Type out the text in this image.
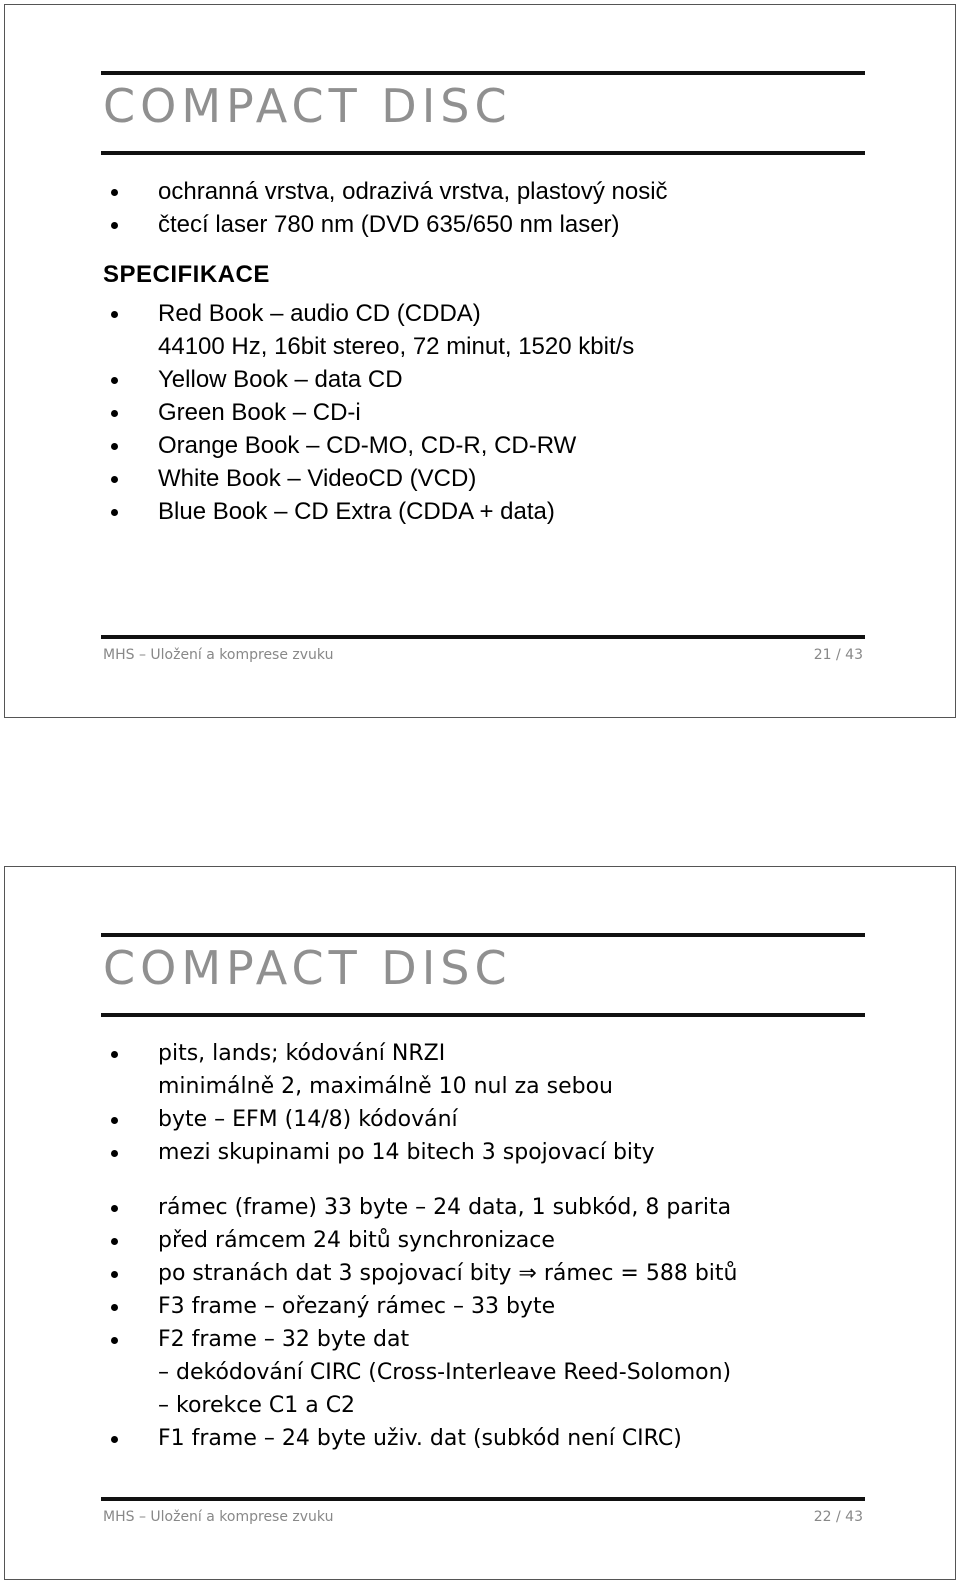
COMPACT DISC
ochranná vrstva, odrazivá vrstva, plastový nosič
čtecí laser 780 nm (DVD 635/650 nm laser)
SPECIFIKACE
Red Book – audio CD (CDDA)
44100 Hz, 16bit stereo, 72 minut, 1520 kbit/s
Yellow Book – data CD
Green Book – CD-i
Orange Book – CD-MO, CD-R, CD-RW
White Book – VideoCD (VCD)
Blue Book – CD Extra (CDDA + data)
MHS – Uložení a komprese zvuku	21 / 43
COMPACT DISC
pits, lands; kódování NRZI
minimálně 2, maximálně 10 nul za sebou
byte – EFM (14/8) kódování
mezi skupinami po 14 bitech 3 spojovací bity
rámec (frame) 33 byte – 24 data, 1 subkód, 8 parita
před rámcem 24 bitů synchronizace
po stranách dat 3 spojovací bity ⇒ rámec = 588 bitů
F3 frame – ořezaný rámec – 33 byte
F2 frame – 32 byte dat
– dekódování CIRC (Cross-Interleave Reed-Solomon)
– korekce C1 a C2
F1 frame – 24 byte uživ. dat (subkód není CIRC)
MHS – Uložení a komprese zvuku	22 / 43
